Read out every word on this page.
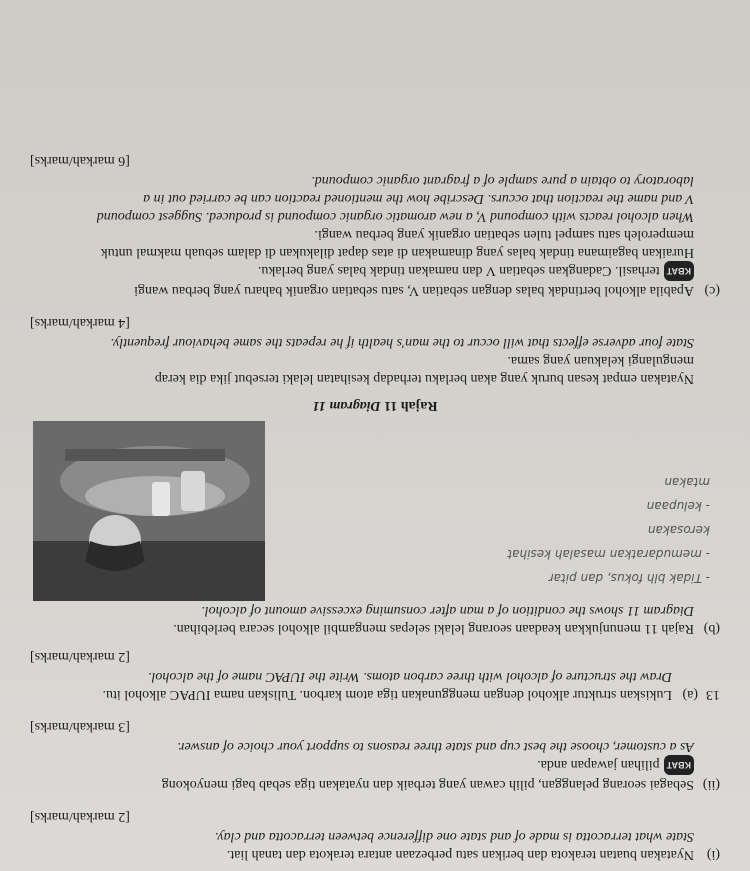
(i)
Nyatakan buatan terakota dan berikan satu perbezaan antara terakota dan tanah liat.
State what terracotta is made of and state one difference between terracotta and clay.
[2 markah/marks]
(ii)
Sebagai seorang pelanggan, pilih cawan yang terbaik dan nyatakan tiga sebab bagi menyokong
KBATpilihan jawapan anda.
As a customer, choose the best cup and state three reasons to support your choice of answer.
[3 markah/marks]
13
(a)
Lukiskan struktur alkohol dengan menggunakan tiga atom karbon. Tuliskan nama IUPAC alkohol itu.
Draw the structure of alcohol with three carbon atoms. Write the IUPAC name of the alcohol.
[2 markah/marks]
(b)
Rajah 11 menunjukkan keadaan seorang lelaki selepas mengambil alkohol secara berlebihan.
Diagram 11 shows the condition of a man after consuming excessive amount of alcohol.
- Tidak blh fokus, dan pitar
- memudaratkan masalah kesihat
kerosakan
- kelupaan
mtakan
Rajah 11 Diagram 11
Nyatakan empat kesan buruk yang akan berlaku terhadap kesihatan lelaki tersebut jika dia kerap
mengulangi kelakuan yang sama.
State four adverse effects that will occur to the man's health if he repeats the same behaviour frequently.
[4 markah/marks]
(c)
Apabila alkohol bertindak balas dengan sebatian V, satu sebatian organik baharu yang berbau wangi
KBATterhasil. Cadangkan sebatian V dan namakan tindak balas yang berlaku.
Huraikan bagaimana tindak balas yang dinamakan di atas dapat dilakukan di dalam sebuah makmal untuk
memperoleh satu sampel tulen sebatian organik yang berbau wangi.
When alcohol reacts with compound V, a new aromatic organic compound is produced. Suggest compound
V and name the reaction that occurs. Describe how the mentioned reaction can be carried out in a
laboratory to obtain a pure sample of a fragrant organic compound.
[6 markah/marks]
